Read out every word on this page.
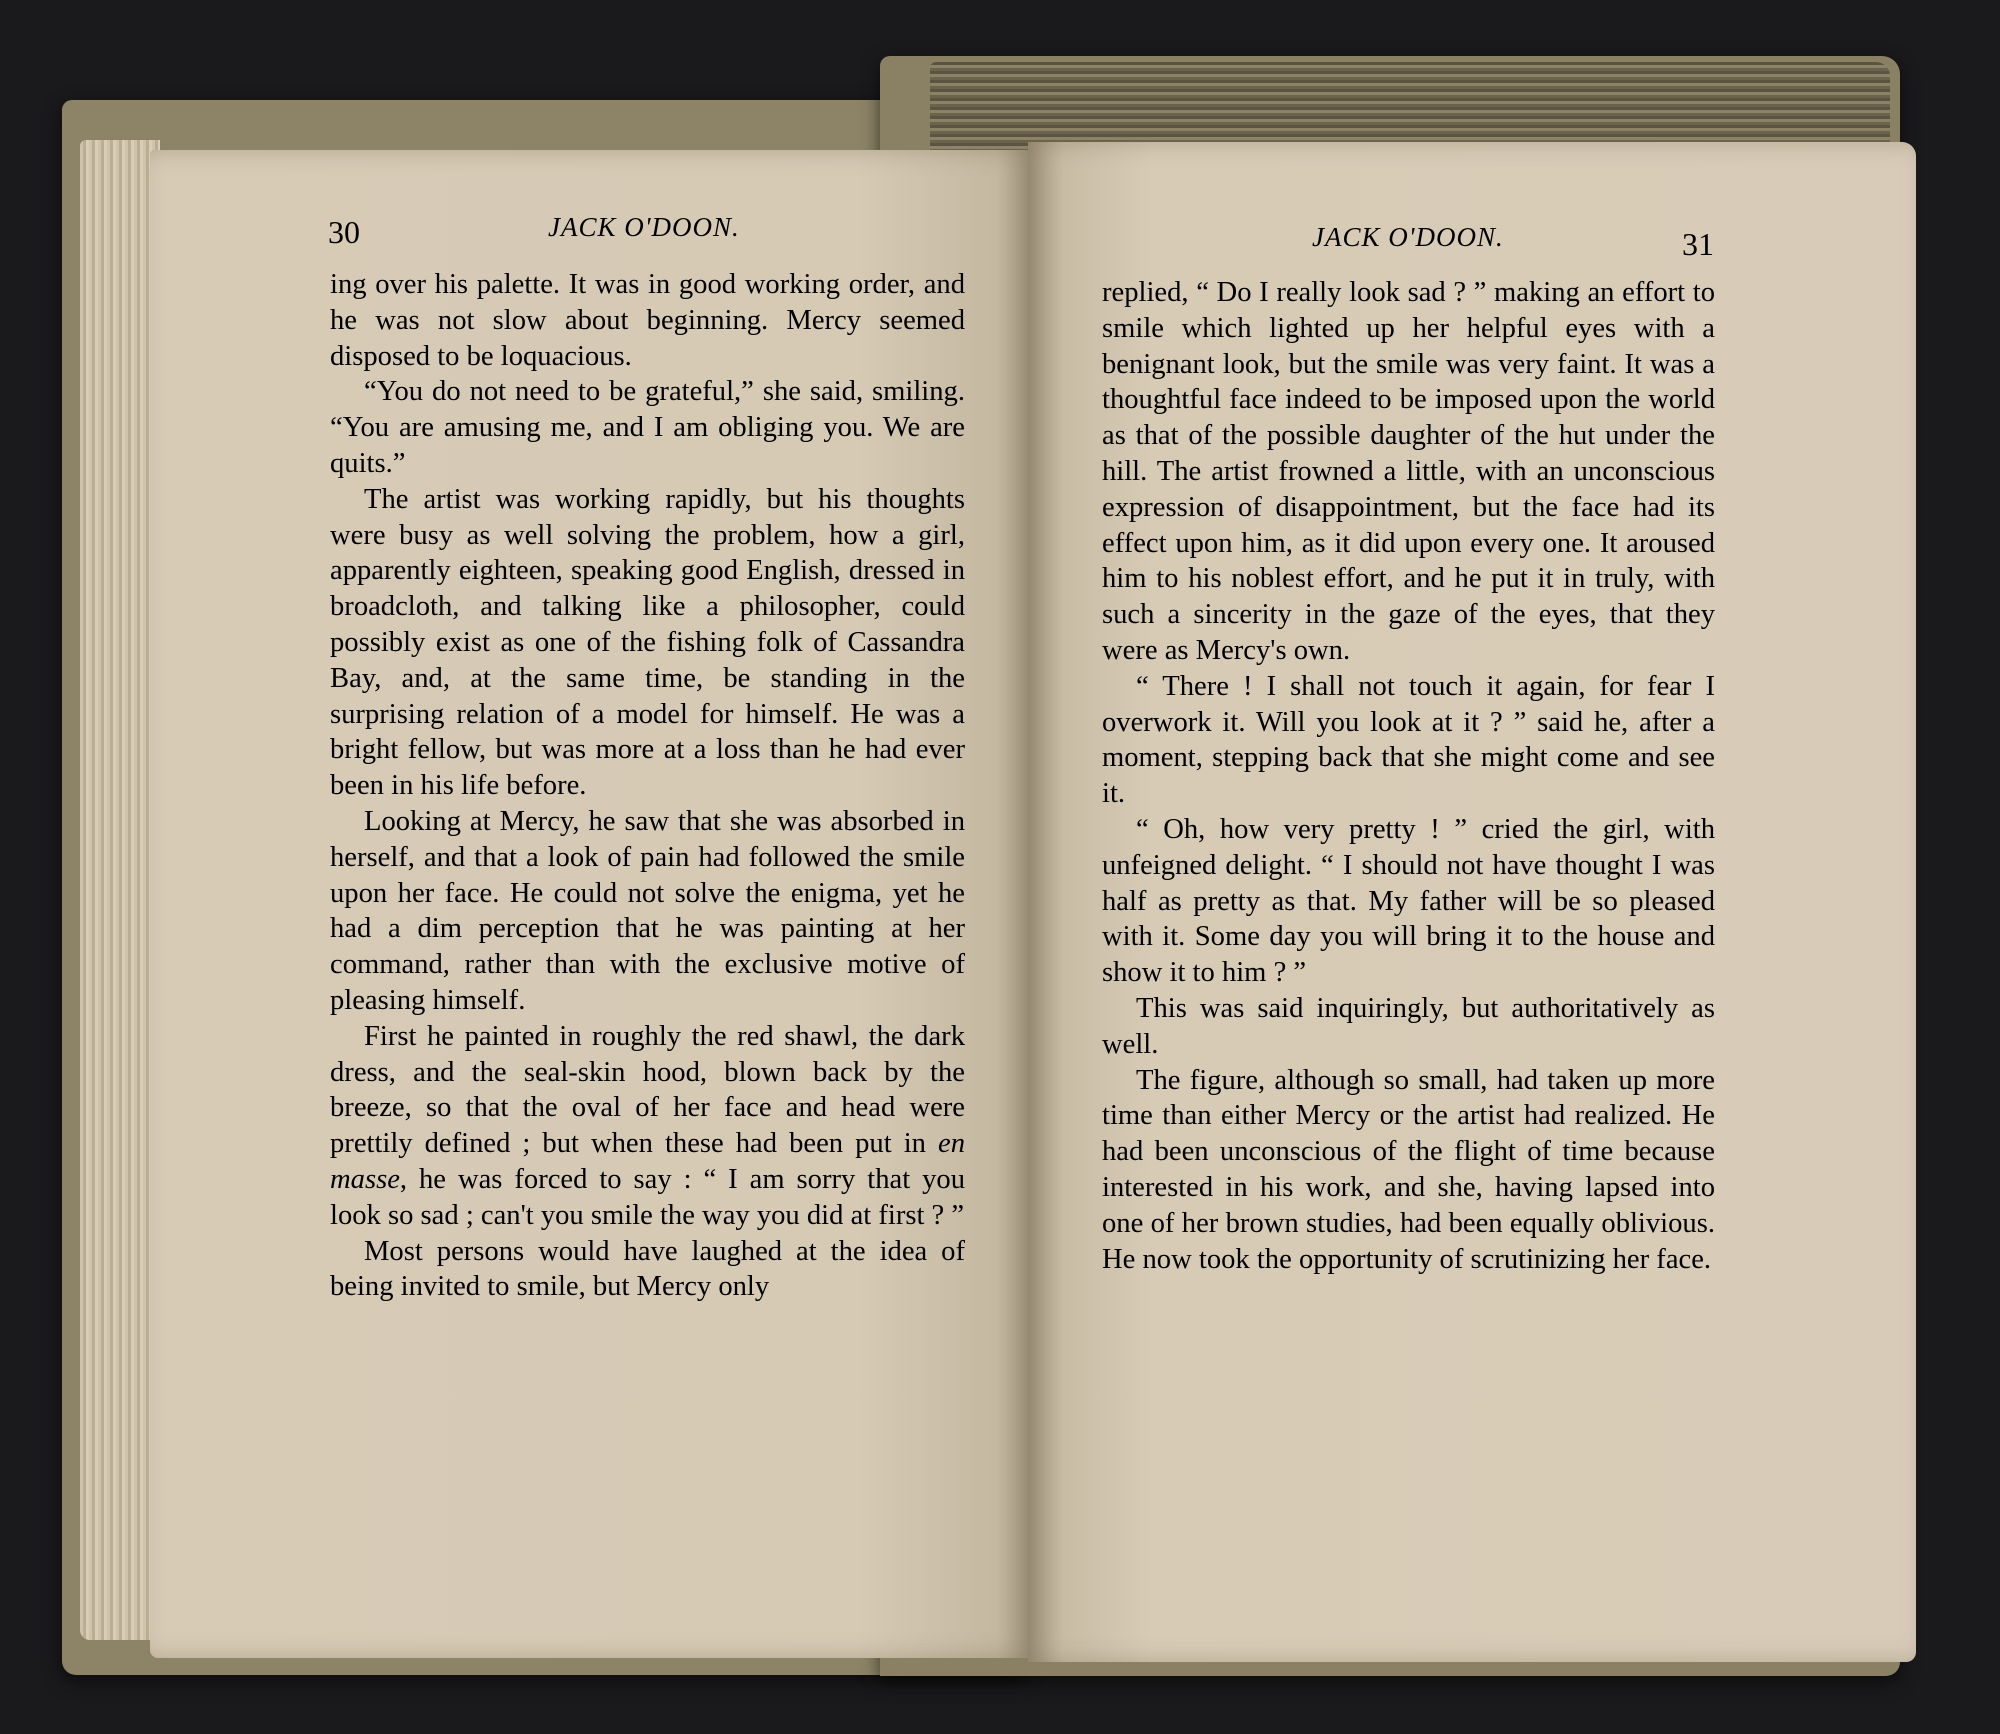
30	JACK O'DOON.	JACK O'DOON.	31

ing over his palette. It was in good working order, and he was not slow about beginning. Mercy seemed disposed to be loquacious.

“You do not need to be grateful,” she said, smiling. “You are amusing me, and I am obliging you. We are quits.”

The artist was working rapidly, but his thoughts were busy as well solving the problem, how a girl, apparently eighteen, speaking good English, dressed in broadcloth, and talking like a philosopher, could possibly exist as one of the fishing folk of Cassandra Bay, and, at the same time, be standing in the surprising relation of a model for himself. He was a bright fellow, but was more at a loss than he had ever been in his life before.

Looking at Mercy, he saw that she was absorbed in herself, and that a look of pain had followed the smile upon her face. He could not solve the enigma, yet he had a dim perception that he was painting at her command, rather than with the exclusive motive of pleasing himself.

First he painted in roughly the red shawl, the dark dress, and the seal-skin hood, blown back by the breeze, so that the oval of her face and head were prettily defined ; but when these had been put in en masse, he was forced to say : “ I am sorry that you look so sad ; can't you smile the way you did at first ? ”

Most persons would have laughed at the idea of being invited to smile, but Mercy only

replied, “ Do I really look sad ? ” making an effort to smile which lighted up her helpful eyes with a benignant look, but the smile was very faint. It was a thoughtful face indeed to be imposed upon the world as that of the possible daughter of the hut under the hill. The artist frowned a little, with an unconscious expression of disappointment, but the face had its effect upon him, as it did upon every one. It aroused him to his noblest effort, and he put it in truly, with such a sincerity in the gaze of the eyes, that they were as Mercy's own.

“ There ! I shall not touch it again, for fear I overwork it. Will you look at it ? ” said he, after a moment, stepping back that she might come and see it.

“ Oh, how very pretty ! ” cried the girl, with unfeigned delight. “ I should not have thought I was half as pretty as that. My father will be so pleased with it. Some day you will bring it to the house and show it to him ? ”

This was said inquiringly, but authoritatively as well.

The figure, although so small, had taken up more time than either Mercy or the artist had realized. He had been unconscious of the flight of time because interested in his work, and she, having lapsed into one of her brown studies, had been equally oblivious. He now took the opportunity of scrutinizing her face.
